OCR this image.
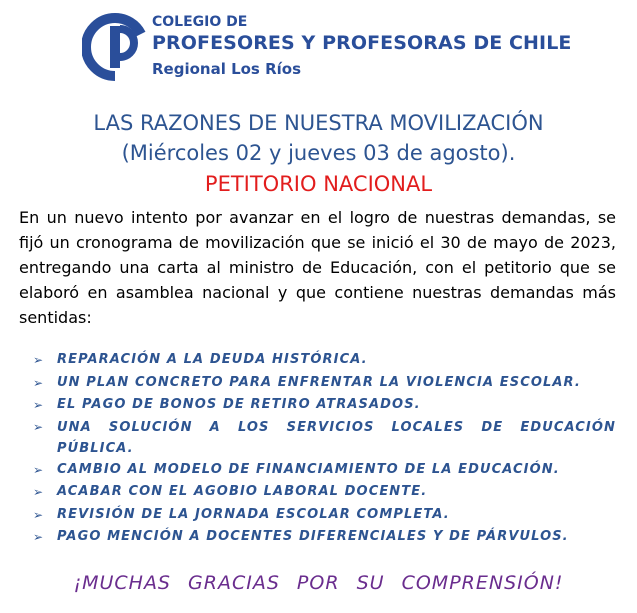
COLEGIO DE
PROFESORES Y PROFESORAS DE CHILE
Regional Los Ríos
LAS RAZONES DE NUESTRA MOVILIZACIÓN
(Miércoles 02 y jueves 03 de agosto).
PETITORIO NACIONAL
En un nuevo intento por avanzar en el logro de nuestras demandas, se fijó un cronograma de movilización que se inició el 30 de mayo de 2023, entregando una carta al ministro de Educación, con el petitorio que se elaboró en asamblea nacional y que contiene nuestras demandas más sentidas:
➢ REPARACIÓN A LA DEUDA HISTÓRICA.
➢ UN PLAN CONCRETO PARA ENFRENTAR LA VIOLENCIA ESCOLAR.
➢ EL PAGO DE BONOS DE RETIRO ATRASADOS.
➢ UNA SOLUCIÓN A LOS SERVICIOS LOCALES DE EDUCACIÓN PÚBLICA.
➢ CAMBIO AL MODELO DE FINANCIAMIENTO DE LA EDUCACIÓN.
➢ ACABAR CON EL AGOBIO LABORAL DOCENTE.
➢ REVISIÓN DE LA JORNADA ESCOLAR COMPLETA.
➢ PAGO MENCIÓN A DOCENTES DIFERENCIALES Y DE PÁRVULOS.
¡MUCHAS GRACIAS POR SU COMPRENSIÓN!
